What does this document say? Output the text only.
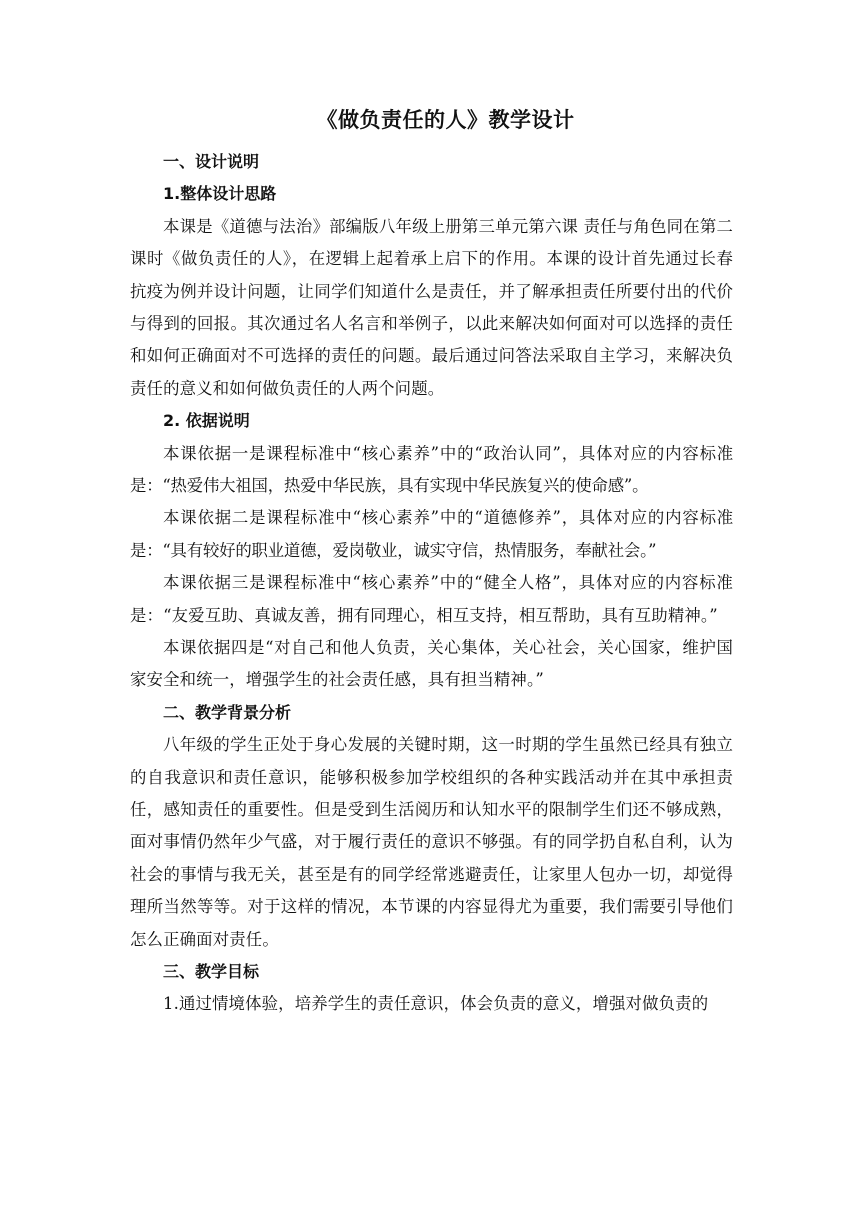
《做负责任的人》教学设计
一、设计说明
1.整体设计思路

本课是《道德与法治》部编版八年级上册第三单元第六课 责任与角色同在第二课时《做负责任的人》，在逻辑上起着承上启下的作用。本课的设计首先通过长春抗疫为例并设计问题，让同学们知道什么是责任，并了解承担责任所要付出的代价与得到的回报。其次通过名人名言和举例子，以此来解决如何面对可以选择的责任和如何正确面对不可选择的责任的问题。最后通过问答法采取自主学习，来解决负责任的意义和如何做负责任的人两个问题。

2. 依据说明

本课依据一是课程标准中“核心素养”中的“政治认同”，具体对应的内容标准是：“热爱伟大祖国，热爱中华民族，具有实现中华民族复兴的使命感”。

本课依据二是课程标准中“核心素养”中的“道德修养”，具体对应的内容标准是：“具有较好的职业道德，爱岗敬业，诚实守信，热情服务，奉献社会。”

本课依据三是课程标准中“核心素养”中的“健全人格”，具体对应的内容标准是：“友爱互助、真诚友善，拥有同理心，相互支持，相互帮助，具有互助精神。”

本课依据四是“对自己和他人负责，关心集体，关心社会，关心国家，维护国家安全和统一，增强学生的社会责任感，具有担当精神。”

二、教学背景分析

八年级的学生正处于身心发展的关键时期，这一时期的学生虽然已经具有独立的自我意识和责任意识，能够积极参加学校组织的各种实践活动并在其中承担责任，感知责任的重要性。但是受到生活阅历和认知水平的限制学生们还不够成熟，面对事情仍然年少气盛，对于履行责任的意识不够强。有的同学扔自私自利，认为社会的事情与我无关，甚至是有的同学经常逃避责任，让家里人包办一切，却觉得理所当然等等。对于这样的情况，本节课的内容显得尤为重要，我们需要引导他们怎么正确面对责任。

三、教学目标

1.通过情境体验，培养学生的责任意识，体会负责的意义，增强对做负责的
